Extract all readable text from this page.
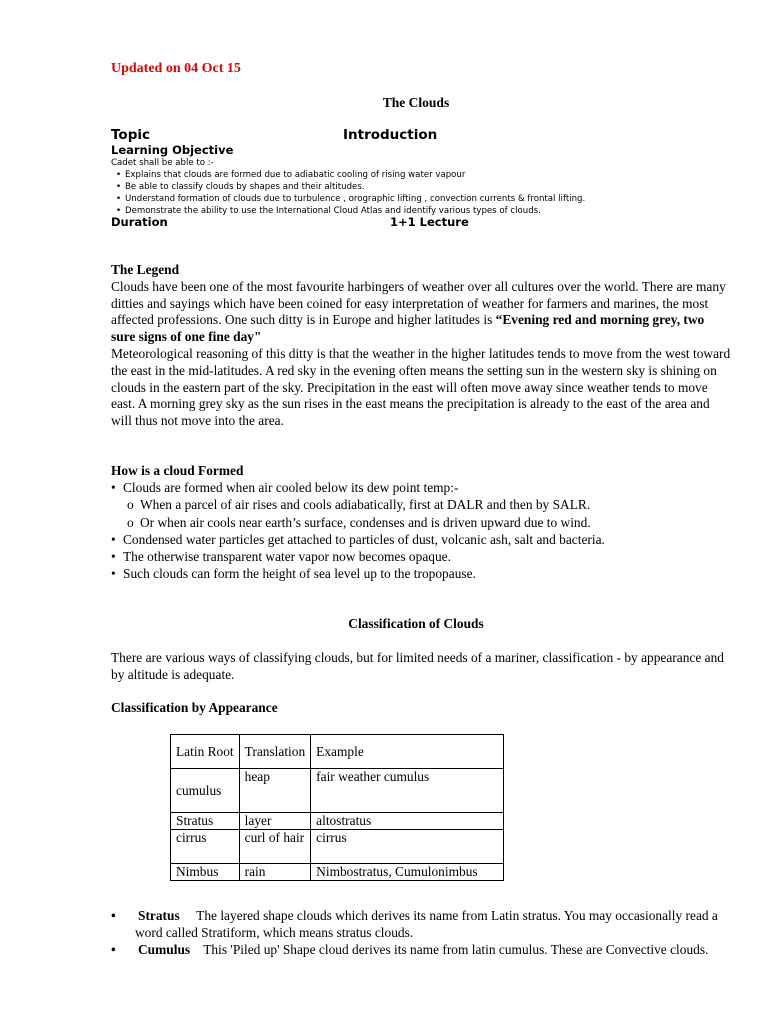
Updated on 04 Oct 15
The Clouds
Topic	Introduction
Learning Objective
Cadet shall be able to :-
• Explains that clouds are formed due to adiabatic cooling of rising water vapour
• Be able to classify clouds by shapes and their altitudes.
• Understand formation of clouds due to turbulence , orographic lifting , convection currents & frontal lifting.
• Demonstrate the ability to use the International Cloud Atlas and identify various types of clouds.
Duration	1+1 Lecture
The Legend
Clouds have been one of the most favourite harbingers of weather over all cultures over the world. There are many ditties and sayings which have been coined for easy interpretation of weather for farmers and marines, the most affected professions. One such ditty is in Europe and higher latitudes is “Evening red and morning grey, two sure signs of one fine day"
Meteorological reasoning of this ditty is that the weather in the higher latitudes tends to move from the west toward the east in the mid-latitudes. A red sky in the evening often means the setting sun in the western sky is shining on clouds in the eastern part of the sky. Precipitation in the east will often move away since weather tends to move east. A morning grey sky as the sun rises in the east means the precipitation is already to the east of the area and will thus not move into the area.
How is a cloud Formed
• Clouds are formed when air cooled below its dew point temp:-
o When a parcel of air rises and cools adiabatically, first at DALR and then by SALR.
o Or when air cools near earth’s surface, condenses and is driven upward due to wind.
• Condensed water particles get attached to particles of dust, volcanic ash, salt and bacteria.
• The otherwise transparent water vapor now becomes opaque.
• Such clouds can form the height of sea level up to the tropopause.
Classification of Clouds
There are various ways of classifying clouds, but for limited needs of a mariner, classification - by appearance and by altitude is adequate.
Classification by Appearance
Latin Root	Translation	Example
cumulus	heap	fair weather cumulus
Stratus	layer	altostratus
cirrus	curl of hair	cirrus
Nimbus	rain	Nimbostratus, Cumulonimbus
• Stratus     The layered shape clouds which derives its name from Latin stratus. You may occasionally read a word called Stratiform, which means stratus clouds.
• Cumulus    This 'Piled up' Shape cloud derives its name from latin cumulus. These are Convective clouds.
